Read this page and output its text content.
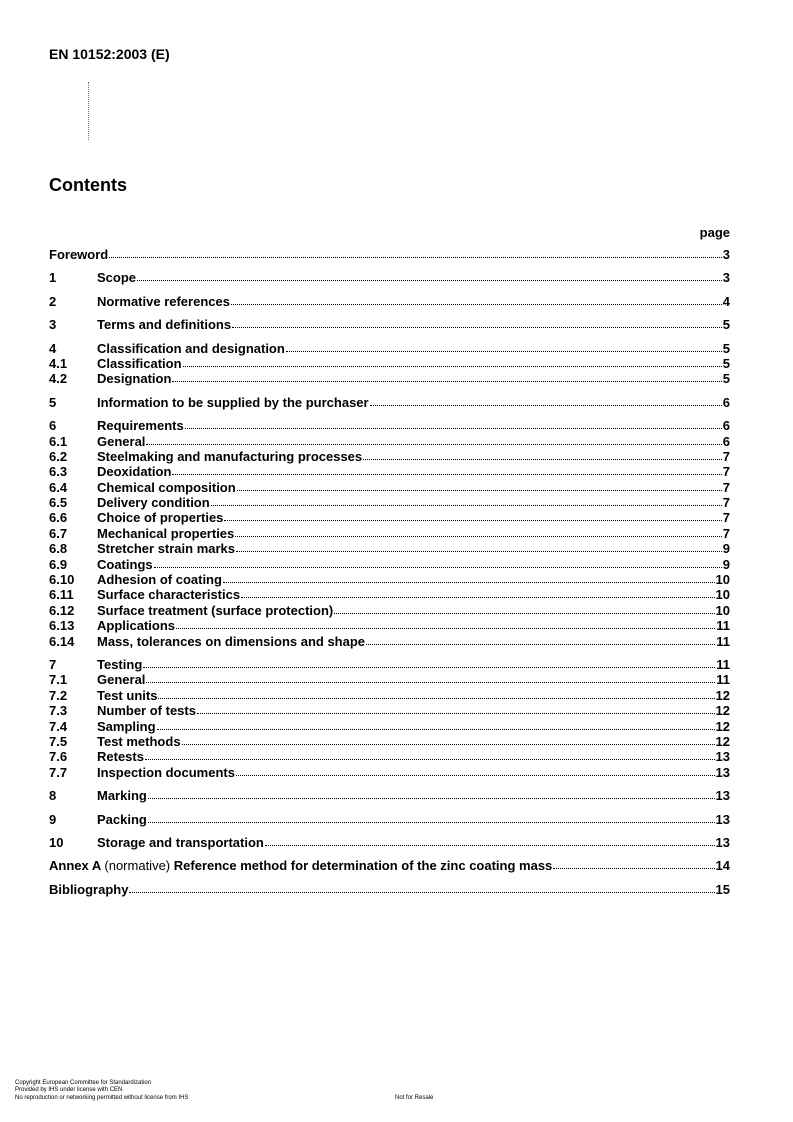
EN 10152:2003 (E)
Contents
page
Foreword	3
1	Scope	3
2	Normative references	4
3	Terms and definitions	5
4	Classification and designation	5
4.1	Classification	5
4.2	Designation	5
5	Information to be supplied by the purchaser	6
6	Requirements	6
6.1	General	6
6.2	Steelmaking and manufacturing processes	7
6.3	Deoxidation	7
6.4	Chemical composition	7
6.5	Delivery condition	7
6.6	Choice of properties	7
6.7	Mechanical properties	7
6.8	Stretcher strain marks	9
6.9	Coatings	9
6.10	Adhesion of coating	10
6.11	Surface characteristics	10
6.12	Surface treatment (surface protection)	10
6.13	Applications	11
6.14	Mass, tolerances on dimensions and shape	11
7	Testing	11
7.1	General	11
7.2	Test units	12
7.3	Number of tests	12
7.4	Sampling	12
7.5	Test methods	12
7.6	Retests	13
7.7	Inspection documents	13
8	Marking	13
9	Packing	13
10	Storage and transportation	13
Annex A (normative) Reference method for determination of the zinc coating mass	14
Bibliography	15
Copyright European Committee for Standardization
Provided by IHS under license with CEN
No reproduction or networking permitted without license from IHS	Not for Resale
